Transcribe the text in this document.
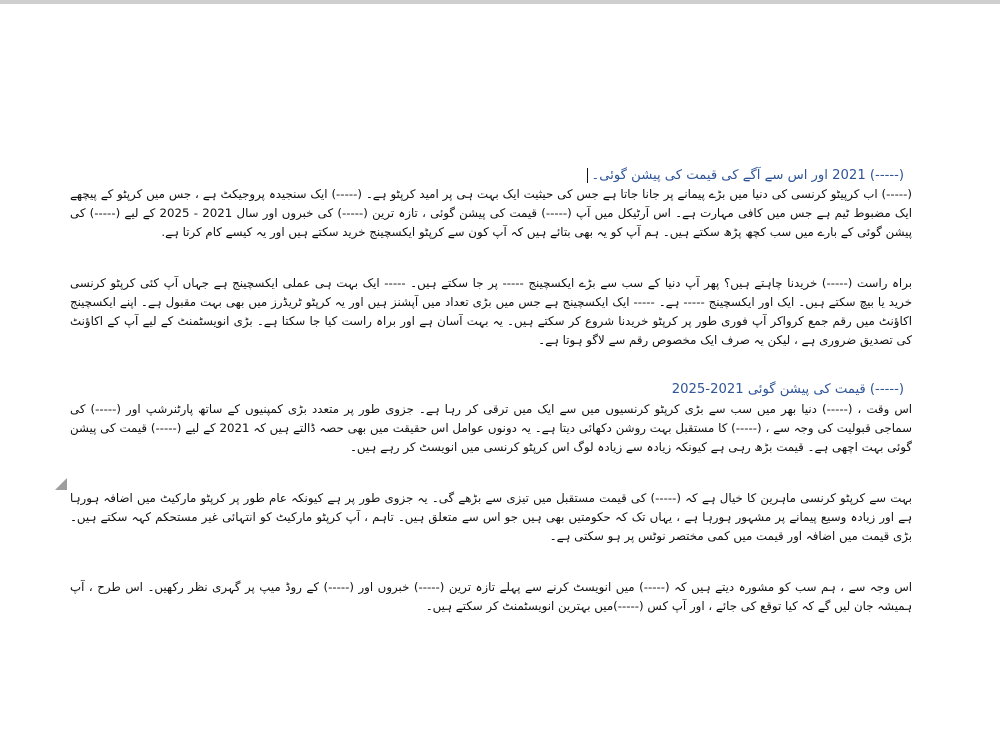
(-----) 2021 اور اس سے آگے کی قیمت کی پیشن گوئی۔

(-----) اب کرپیٹو کرنسی کی دنیا میں بڑے پیمانے پر جانا جاتا ہے جس کی حیثیت ایک بہت ہی پر امید کرپٹو ہے۔ (-----) ایک سنجیدہ پروجیکٹ ہے ، جس میں کرپٹو کے پیچھے ایک مضبوط ٹیم ہے جس میں کافی مہارت ہے۔ اس آرٹیکل میں آپ (-----) قیمت کی پیشن گوئی ، تازہ ترین (-----) کی خبروں اور سال 2021 - 2025 کے لیے (-----) کی پیشن گوئی کے بارے میں سب کچھ پڑھ سکتے ہیں۔ ہم آپ کو یہ بھی بتائے ہیں کہ آپ کون سے کرپٹو ایکسچینج خرید سکتے ہیں اور یہ کیسے کام کرتا ہے.

براہ راست (-----) خریدنا چاہتے ہیں؟ پھر آپ دنیا کے سب سے بڑے ایکسچینج ----- پر جا سکتے ہیں۔ ----- ایک بہت ہی عملی ایکسچینج ہے جہاں آپ کئی کرپٹو کرنسی خرید یا بیچ سکتے ہیں۔ ایک اور ایکسچینج ----- ہے۔ ----- ایک ایکسچینج ہے جس میں بڑی تعداد میں آپشنز ہیں اور یہ کرپٹو ٹریڈرز میں بھی بہت مقبول ہے۔ اپنے ایکسچینج اکاؤنٹ میں رقم جمع کرواکر آپ فوری طور پر کرپٹو خریدنا شروع کر سکتے ہیں۔ یہ بہت آسان ہے اور براہ راست کیا جا سکتا ہے۔ بڑی انویسٹمنٹ کے لیے آپ کے اکاؤنٹ کی تصدیق ضروری ہے ، لیکن یہ صرف ایک مخصوص رقم سے لاگو ہوتا ہے۔

(-----) قیمت کی پیشن گوئی 2021-2025

اس وقت ، (-----) دنیا بھر میں سب سے بڑی کرپٹو کرنسیوں میں سے ایک میں ترقی کر رہا ہے۔ جزوی طور پر متعدد بڑی کمپنیوں کے ساتھ پارٹنرشپ اور (-----) کی سماجی قبولیت کی وجہ سے ، (-----) کا مستقبل بہت روشن دکھائی دیتا ہے۔ یہ دونوں عوامل اس حقیقت میں بھی حصہ ڈالتے ہیں کہ 2021 کے لیے (-----) قیمت کی پیشن گوئی بہت اچھی ہے۔ قیمت بڑھ رہی ہے کیونکہ زیادہ سے زیادہ لوگ اس کرپٹو کرنسی میں انویسٹ کر رہے ہیں۔

بہت سے کرپٹو کرنسی ماہرین کا خیال ہے کہ (-----) کی قیمت مستقبل میں تیزی سے بڑھے گی۔ یہ جزوی طور پر ہے کیونکہ عام طور پر کرپٹو مارکیٹ میں اضافہ ہورہا ہے اور زیادہ وسیع پیمانے پر مشہور ہورہا ہے ، یہاں تک کہ حکومتیں بھی ہیں جو اس سے متعلق ہیں۔ تاہم ، آپ کرپٹو مارکیٹ کو انتہائی غیر مستحکم کہہ سکتے ہیں۔ بڑی قیمت میں اضافہ اور قیمت میں کمی مختصر نوٹس پر ہو سکتی ہے۔

اس وجہ سے ، ہم سب کو مشورہ دیتے ہیں کہ (-----) میں انویسٹ کرنے سے پہلے تازہ ترین (-----) خبروں اور (-----) کے روڈ میپ پر گہری نظر رکھیں۔ اس طرح ، آپ ہمیشہ جان لیں گے کہ کیا توقع کی جائے ، اور آپ کس (-----)میں بہترین انویسٹمنٹ کر سکتے ہیں۔
